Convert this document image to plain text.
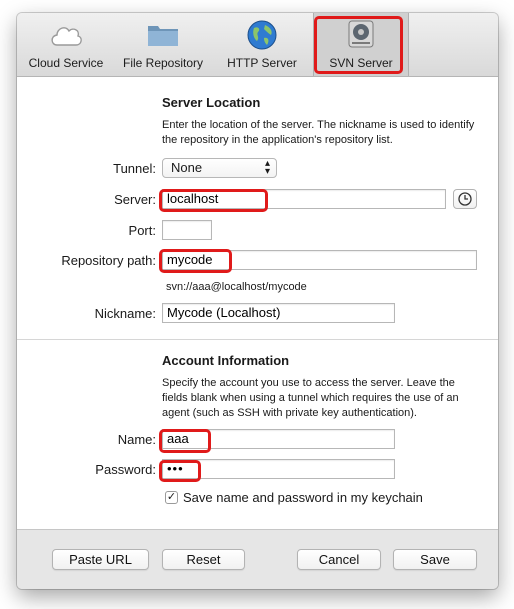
Cloud Service	File Repository	HTTP Server	SVN Server
Server Location
Enter the location of the server. The nickname is used to identify the repository in the application's repository list.
Tunnel:	None	▴
▾
Server: localhost
Port:
Repository path: mycode
svn://aaa@localhost/mycode
Nickname: Mycode (Localhost)
Account Information
Specify the account you use to access the server. Leave the fields blank when using a tunnel which requires the use of an agent (such as SSH with private key authentication).
Name: aaa
Password: •••
✓ Save name and password in my keychain
Paste URL	Reset	Cancel	Save
